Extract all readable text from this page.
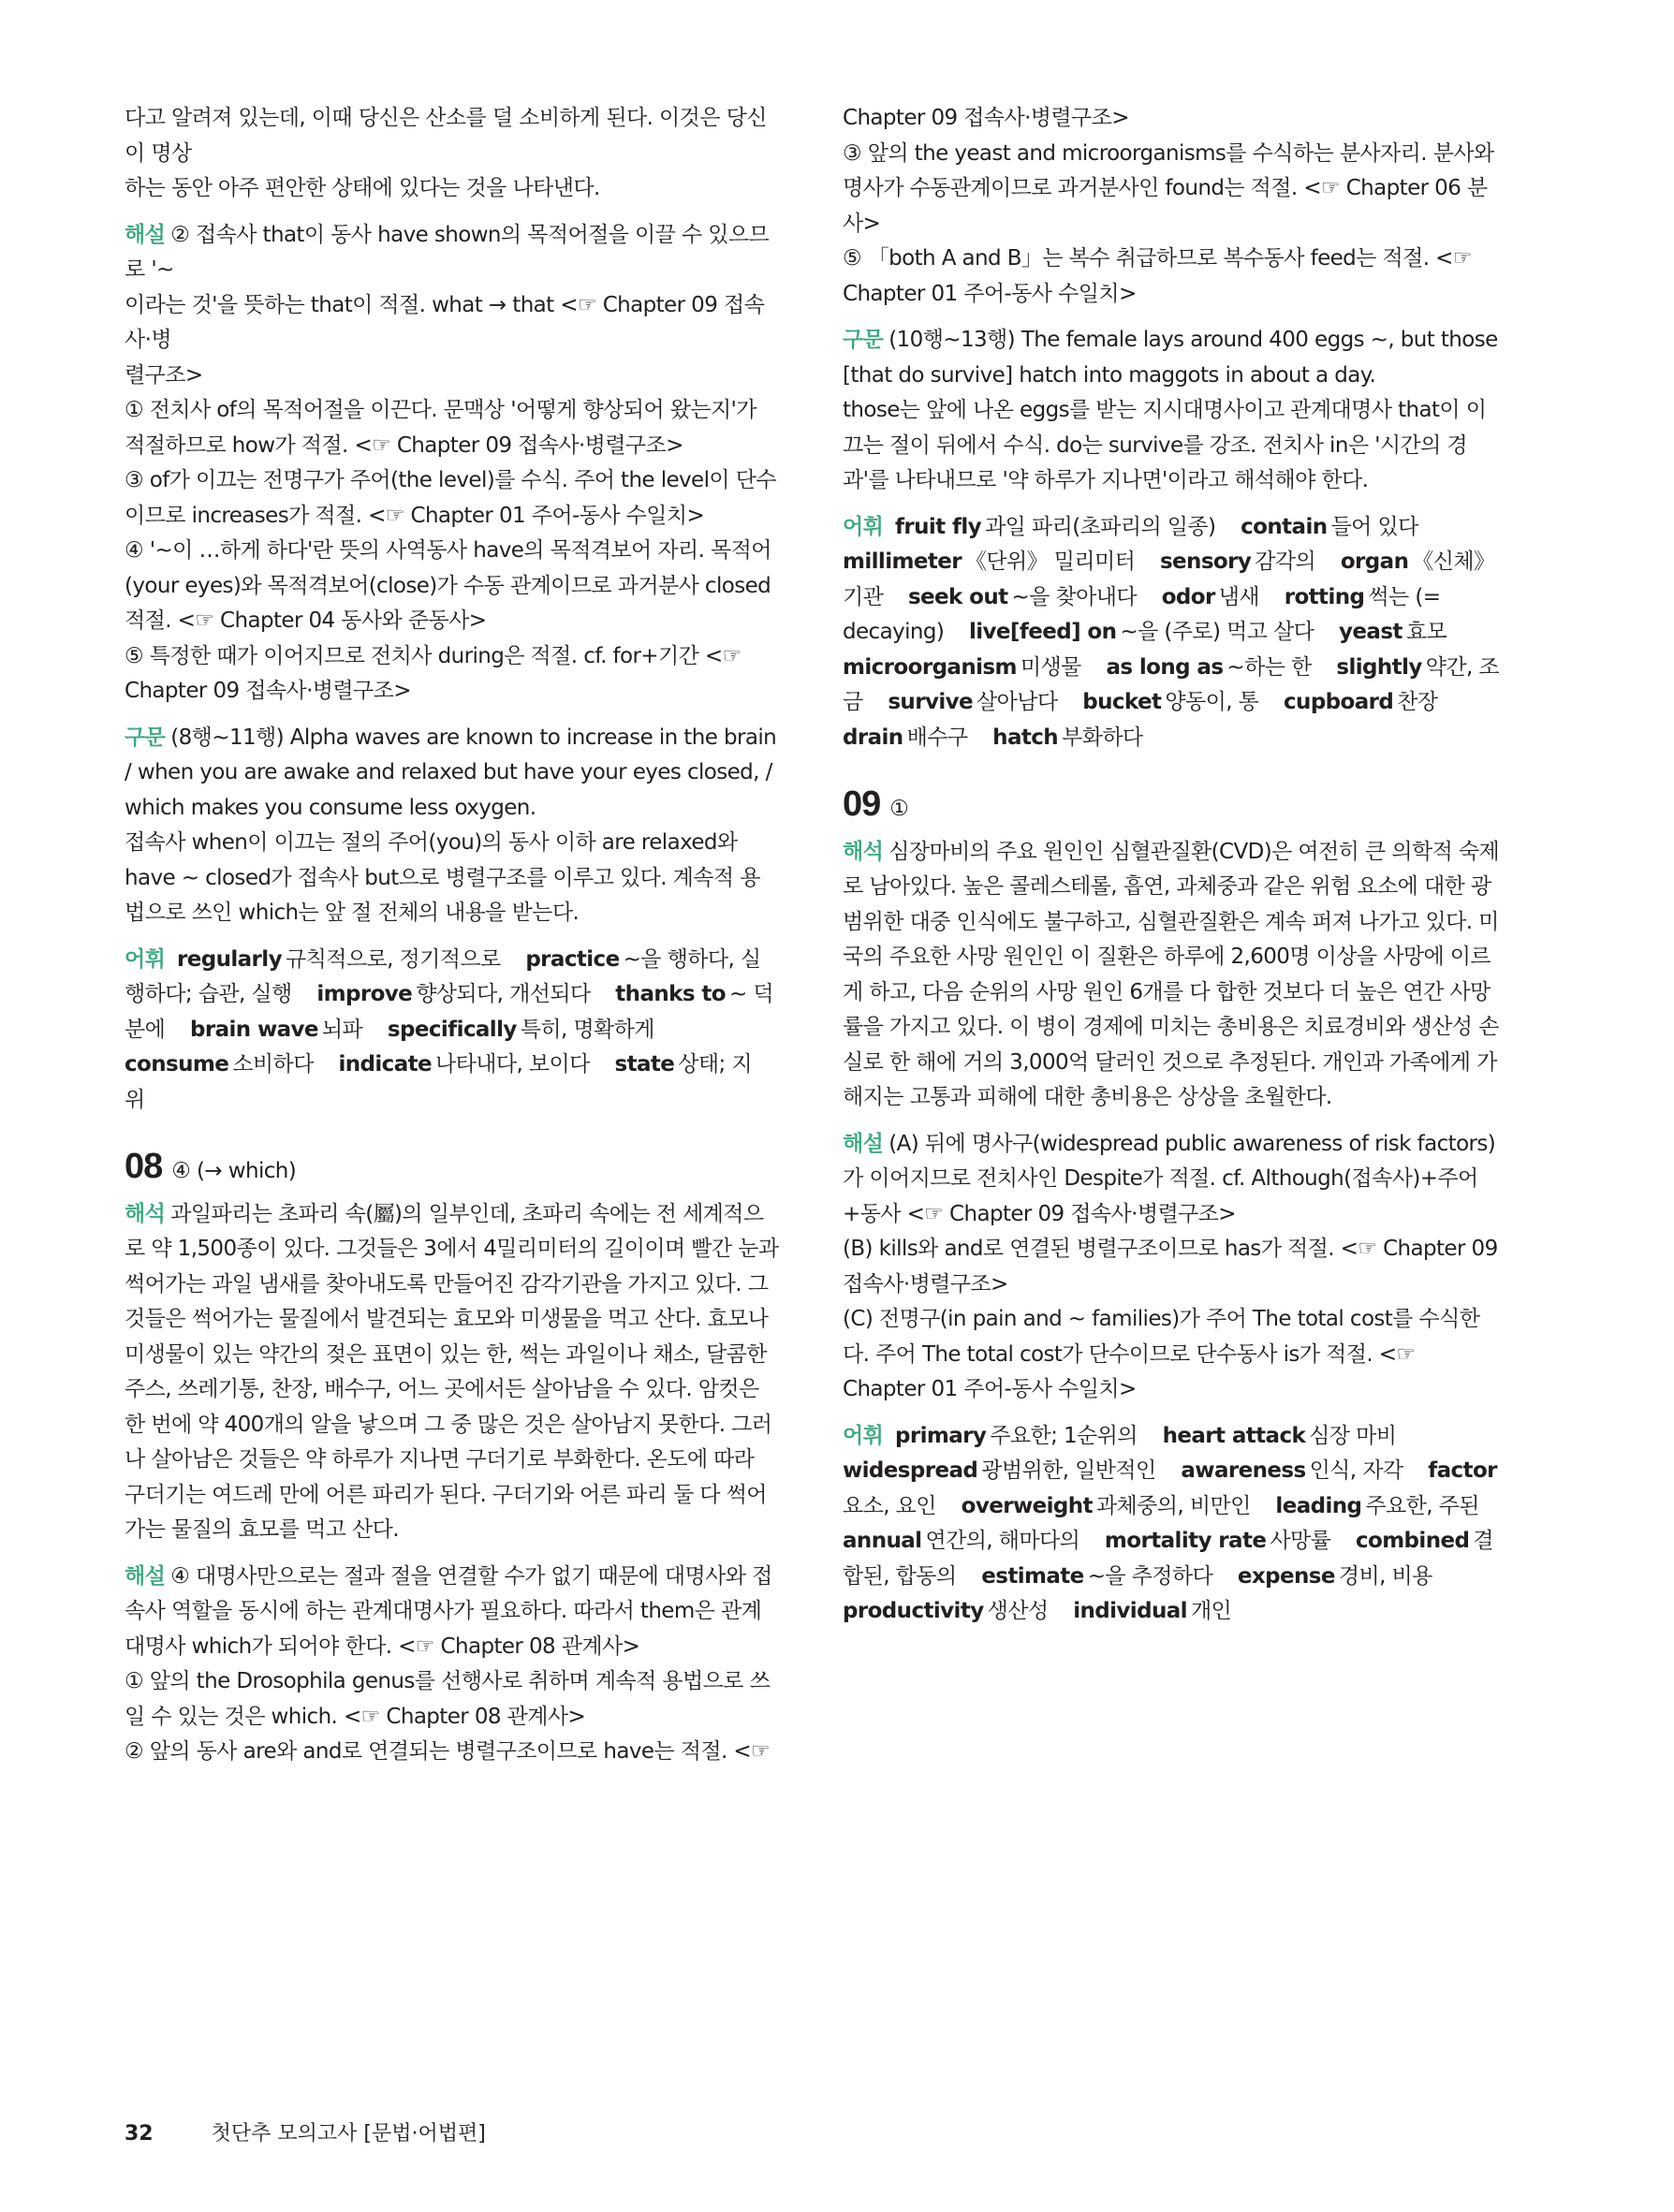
다고 알려져 있는데, 이때 당신은 산소를 덜 소비하게 된다. 이것은 당신이 명상
하는 동안 아주 편안한 상태에 있다는 것을 나타낸다.

해설 ② 접속사 that이 동사 have shown의 목적어절을 이끌 수 있으므로 '~
이라는 것'을 뜻하는 that이 적절. what → that <☞ Chapter 09 접속사·병
렬구조>
① 전치사 of의 목적어절을 이끈다. 문맥상 '어떻게 향상되어 왔는지'가 적절하므로 how가 적절. <☞ Chapter 09 접속사·병렬구조>
③ of가 이끄는 전명구가 주어(the level)를 수식. 주어 the level이 단수이므로 increases가 적절. <☞ Chapter 01 주어-동사 수일치>
④ '~이 …하게 하다'란 뜻의 사역동사 have의 목적격보어 자리. 목적어(your eyes)와 목적격보어(close)가 수동 관계이므로 과거분사 closed 적절. <☞ Chapter 04 동사와 준동사>
⑤ 특정한 때가 이어지므로 전치사 during은 적절. cf. for+기간 <☞ Chapter 09 접속사·병렬구조>

구문 (8행~11행) Alpha waves are known to increase in the brain / when you are awake and relaxed but have your eyes closed, / which makes you consume less oxygen.
접속사 when이 이끄는 절의 주어(you)의 동사 이하 are relaxed와 have ~ closed가 접속사 but으로 병렬구조를 이루고 있다. 계속적 용법으로 쓰인 which는 앞 절 전체의 내용을 받는다.

어휘 regularly 규칙적으로, 정기적으로 practice ~을 행하다, 실행하다; 습관, 실행 improve 향상되다, 개선되다 thanks to ~ 덕분에 brain wave 뇌파 specifically 특히, 명확하게 consume 소비하다 indicate 나타내다, 보이다 state 상태; 지위

08 ④ (→ which)

해석 과일파리는 초파리 속(屬)의 일부인데, 초파리 속에는 전 세계적으로 약 1,500종이 있다. 그것들은 3에서 4밀리미터의 길이이며 빨간 눈과 썩어가는 과일 냄새를 찾아내도록 만들어진 감각기관을 가지고 있다. 그것들은 썩어가는 물질에서 발견되는 효모와 미생물을 먹고 산다. 효모나 미생물이 있는 약간의 젖은 표면이 있는 한, 썩는 과일이나 채소, 달콤한 주스, 쓰레기통, 찬장, 배수구, 어느 곳에서든 살아남을 수 있다. 암컷은 한 번에 약 400개의 알을 낳으며 그 중 많은 것은 살아남지 못한다. 그러나 살아남은 것들은 약 하루가 지나면 구더기로 부화한다. 온도에 따라 구더기는 여드레 만에 어른 파리가 된다. 구더기와 어른 파리 둘 다 썩어가는 물질의 효모를 먹고 산다.

해설 ④ 대명사만으로는 절과 절을 연결할 수가 없기 때문에 대명사와 접속사 역할을 동시에 하는 관계대명사가 필요하다. 따라서 them은 관계대명사 which가 되어야 한다. <☞ Chapter 08 관계사>
① 앞의 the Drosophila genus를 선행사로 취하며 계속적 용법으로 쓰일 수 있는 것은 which. <☞ Chapter 08 관계사>
② 앞의 동사 are와 and로 연결되는 병렬구조이므로 have는 적절. <☞

Chapter 09 접속사·병렬구조>
③ 앞의 the yeast and microorganisms를 수식하는 분사자리. 분사와 명사가 수동관계이므로 과거분사인 found는 적절. <☞ Chapter 06 분사>
⑤ 「both A and B」는 복수 취급하므로 복수동사 feed는 적절. <☞ Chapter 01 주어-동사 수일치>

구문 (10행~13행) The female lays around 400 eggs ~, but those [that do survive] hatch into maggots in about a day.
those는 앞에 나온 eggs를 받는 지시대명사이고 관계대명사 that이 이끄는 절이 뒤에서 수식. do는 survive를 강조. 전치사 in은 '시간의 경과'를 나타내므로 '약 하루가 지나면'이라고 해석해야 한다.

어휘 fruit fly 과일 파리(초파리의 일종) contain 들어 있다 millimeter 《단위》 밀리미터 sensory 감각의 organ 《신체》 기관 seek out ~을 찾아내다 odor 냄새 rotting 썩는 (= decaying) live[feed] on ~을 (주로) 먹고 살다 yeast 효모 microorganism 미생물 as long as ~하는 한 slightly 약간, 조금 survive 살아남다 bucket 양동이, 통 cupboard 찬장 drain 배수구 hatch 부화하다

09 ①

해석 심장마비의 주요 원인인 심혈관질환(CVD)은 여전히 큰 의학적 숙제로 남아있다. 높은 콜레스테롤, 흡연, 과체중과 같은 위험 요소에 대한 광범위한 대중 인식에도 불구하고, 심혈관질환은 계속 퍼져 나가고 있다. 미국의 주요한 사망 원인인 이 질환은 하루에 2,600명 이상을 사망에 이르게 하고, 다음 순위의 사망 원인 6개를 다 합한 것보다 더 높은 연간 사망률을 가지고 있다. 이 병이 경제에 미치는 총비용은 치료경비와 생산성 손실로 한 해에 거의 3,000억 달러인 것으로 추정된다. 개인과 가족에게 가해지는 고통과 피해에 대한 총비용은 상상을 초월한다.

해설 (A) 뒤에 명사구(widespread public awareness of risk factors)가 이어지므로 전치사인 Despite가 적절. cf. Although(접속사)+주어+동사 <☞ Chapter 09 접속사·병렬구조>
(B) kills와 and로 연결된 병렬구조이므로 has가 적절. <☞ Chapter 09 접속사·병렬구조>
(C) 전명구(in pain and ~ families)가 주어 The total cost를 수식한다. 주어 The total cost가 단수이므로 단수동사 is가 적절. <☞ Chapter 01 주어-동사 수일치>

어휘 primary 주요한; 1순위의 heart attack 심장 마비 widespread 광범위한, 일반적인 awareness 인식, 자각 factor요소, 요인 overweight 과체중의, 비만인 leading 주요한, 주된 annual 연간의, 해마다의 mortality rate 사망률 combined 결합된, 합동의 estimate ~을 추정하다 expense 경비, 비용 productivity 생산성 individual 개인

32	첫단추 모의고사 [문법·어법편]
